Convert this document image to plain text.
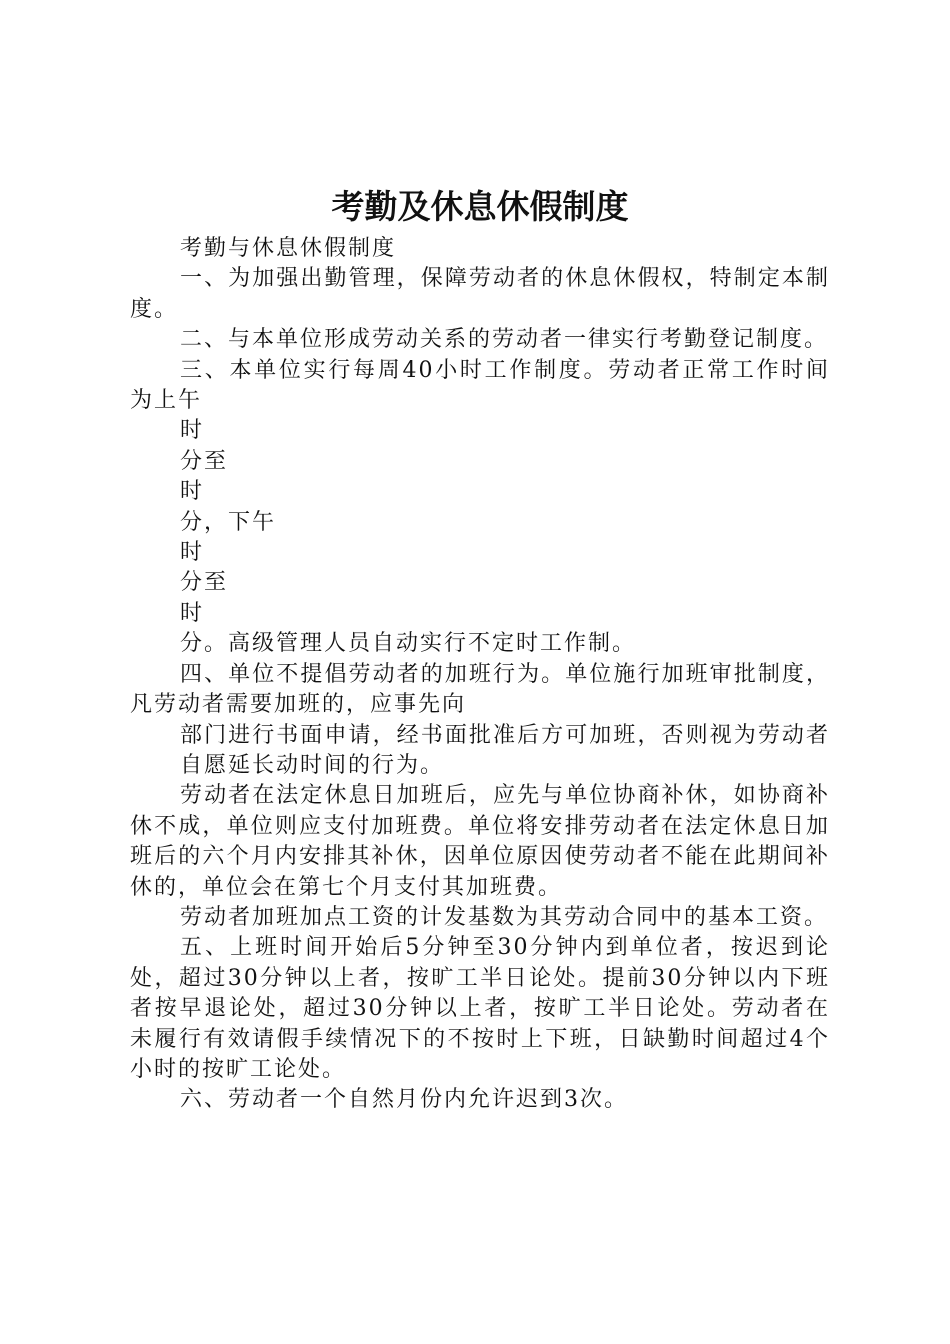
考勤及休息休假制度

考勤与休息休假制度

一、为加强出勤管理，保障劳动者的休息休假权，特制定本制度。

二、与本单位形成劳动关系的劳动者一律实行考勤登记制度。

三、本单位实行每周40小时工作制度。劳动者正常工作时间为上午

时

分至

时

分，下午

时

分至

时

分。高级管理人员自动实行不定时工作制。

四、单位不提倡劳动者的加班行为。单位施行加班审批制度，凡劳动者需要加班的，应事先向

部门进行书面申请，经书面批准后方可加班，否则视为劳动者自愿延长动时间的行为。

劳动者在法定休息日加班后，应先与单位协商补休，如协商补休不成，单位则应支付加班费。单位将安排劳动者在法定休息日加班后的六个月内安排其补休，因单位原因使劳动者不能在此期间补休的，单位会在第七个月支付其加班费。

劳动者加班加点工资的计发基数为其劳动合同中的基本工资。

五、上班时间开始后5分钟至30分钟内到单位者，按迟到论处，超过30分钟以上者，按旷工半日论处。提前30分钟以内下班者按早退论处，超过30分钟以上者，按旷工半日论处。劳动者在未履行有效请假手续情况下的不按时上下班，日缺勤时间超过4个小时的按旷工论处。

六、劳动者一个自然月份内允许迟到3次。
